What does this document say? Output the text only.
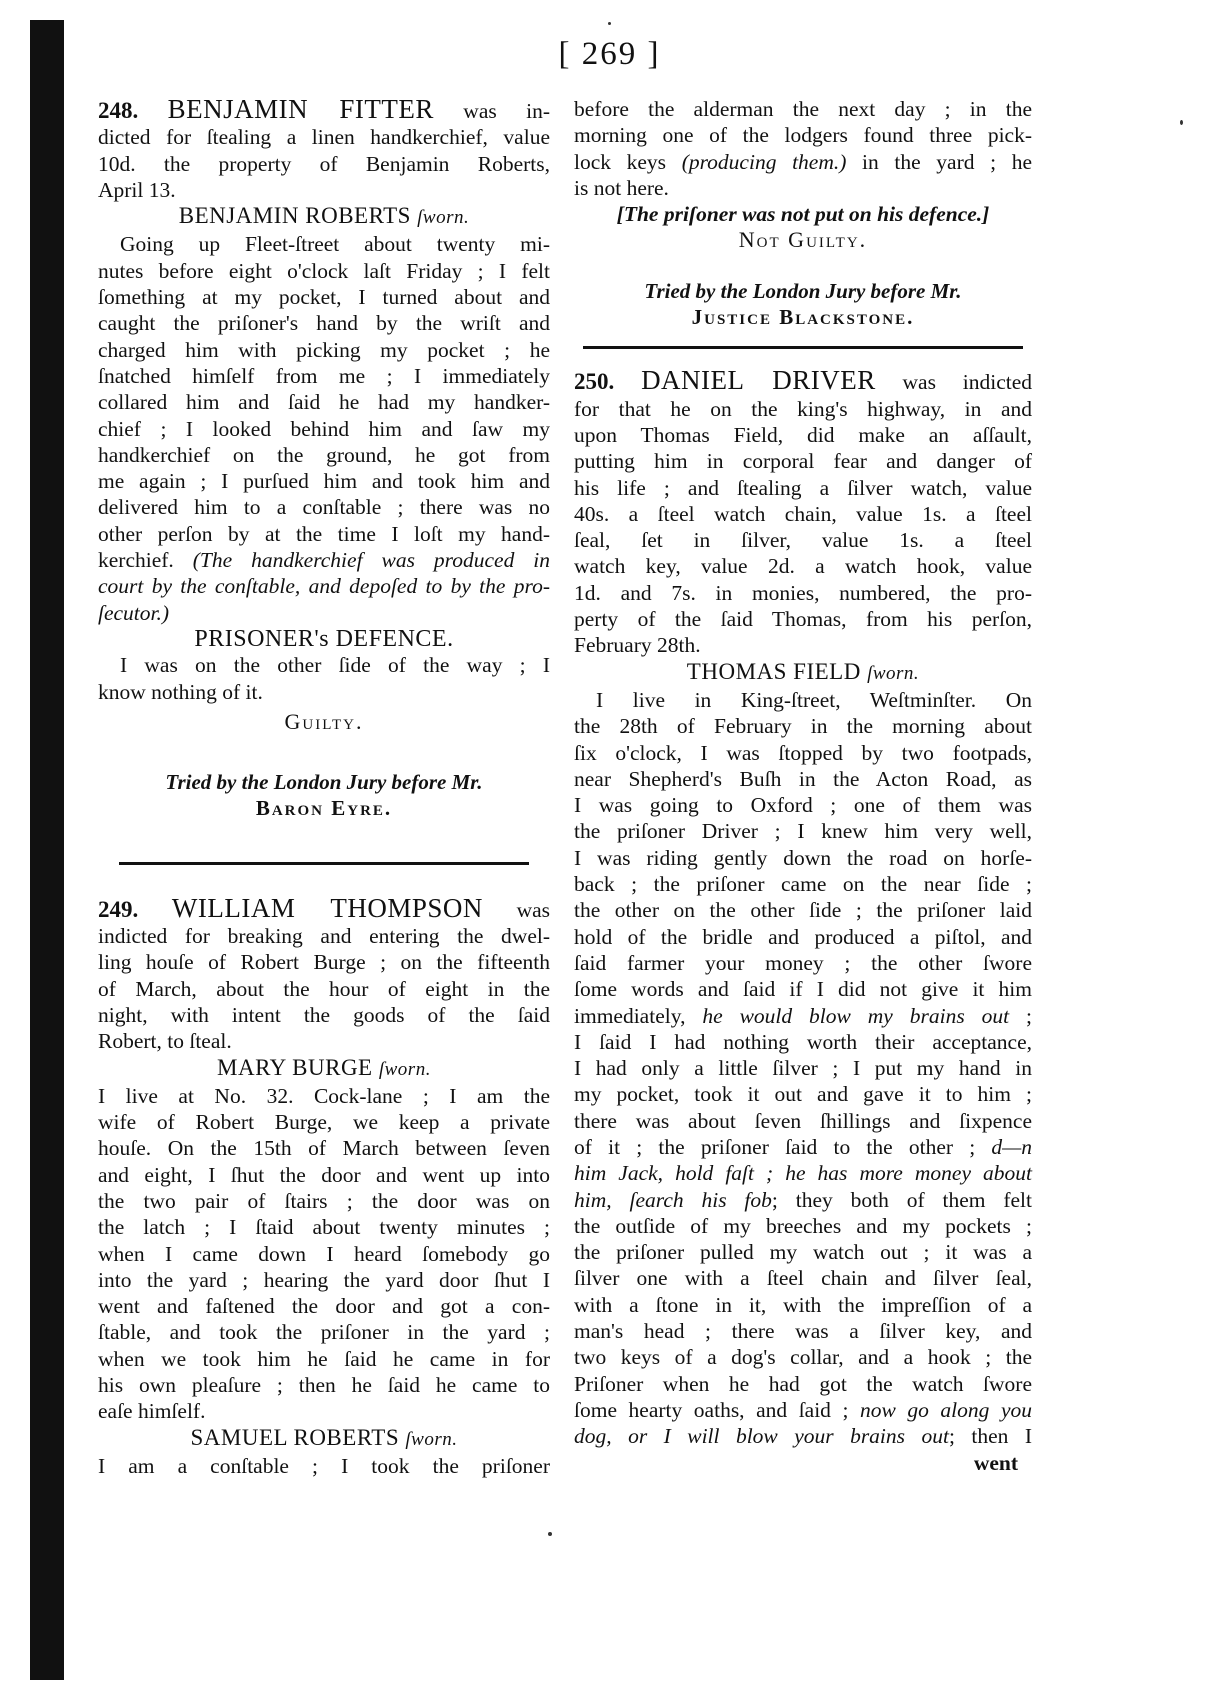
[ 269 ]

248. BENJAMIN FITTER was in-

dicted for ſtealing a linen handkerchief, value

10d. the property of Benjamin Roberts,

April 13.

BENJAMIN ROBERTS ſworn.

Going up Fleet-ſtreet about twenty mi-

nutes before eight o'clock laſt Friday ; I felt

ſomething at my pocket, I turned about and

caught the priſoner's hand by the wriſt and

charged him with picking my pocket ; he

ſnatched himſelf from me ; I immediately

collared him and ſaid he had my handker-

chief ; I looked behind him and ſaw my

handkerchief on the ground, he got from

me again ; I purſued him and took him and

delivered him to a conſtable ; there was no

other perſon by at the time I loſt my hand-

kerchief. (The handkerchief was produced in

court by the conſtable, and depoſed to by the pro-

ſecutor.)

PRISONER's DEFENCE.

I was on the other ſide of the way ; I

know nothing of it.

Guilty.

Tried by the London Jury before Mr.

Baron Eyre.

249. WILLIAM THOMPSON was

indicted for breaking and entering the dwel-

ling houſe of Robert Burge ; on the fifteenth

of March, about the hour of eight in the

night, with intent the goods of the ſaid

Robert, to ſteal.

MARY BURGE ſworn.

I live at No. 32. Cock-lane ; I am the

wife of Robert Burge, we keep a private

houſe. On the 15th of March between ſeven

and eight, I ſhut the door and went up into

the two pair of ſtairs ; the door was on

the latch ; I ſtaid about twenty minutes ;

when I came down I heard ſomebody go

into the yard ; hearing the yard door ſhut I

went and faſtened the door and got a con-

ſtable, and took the priſoner in the yard ;

when we took him he ſaid he came in for

his own pleaſure ; then he ſaid he came to

eaſe himſelf.

SAMUEL ROBERTS ſworn.

I am a conſtable ; I took the priſoner

before the alderman the next day ; in the

morning one of the lodgers found three pick-

lock keys (producing them.) in the yard ; he

is not here.

[The priſoner was not put on his defence.]

Not Guilty.

Tried by the London Jury before Mr.

Justice Blackstone.

250. DANIEL DRIVER was indicted

for that he on the king's highway, in and

upon Thomas Field, did make an aſſault,

putting him in corporal fear and danger of

his life ; and ſtealing a ſilver watch, value

40s. a ſteel watch chain, value 1s. a ſteel

ſeal, ſet in ſilver, value 1s. a ſteel

watch key, value 2d. a watch hook, value

1d. and 7s. in monies, numbered, the pro-

perty of the ſaid Thomas, from his perſon,

February 28th.

THOMAS FIELD ſworn.

I live in King-ſtreet, Weſtminſter. On

the 28th of February in the morning about

ſix o'clock, I was ſtopped by two footpads,

near Shepherd's Buſh in the Acton Road, as

I was going to Oxford ; one of them was

the priſoner Driver ; I knew him very well,

I was riding gently down the road on horſe-

back ; the priſoner came on the near ſide ;

the other on the other ſide ; the priſoner laid

hold of the bridle and produced a piſtol, and

ſaid farmer your money ; the other ſwore

ſome words and ſaid if I did not give it him

immediately, he would blow my brains out ;

I ſaid I had nothing worth their acceptance,

I had only a little ſilver ; I put my hand in

my pocket, took it out and gave it to him ;

there was about ſeven ſhillings and ſixpence

of it ; the priſoner ſaid to the other ; d—n

him Jack, hold faſt ; he has more money about

him, ſearch his fob; they both of them felt

the outſide of my breeches and my pockets ;

the priſoner pulled my watch out ; it was a

ſilver one with a ſteel chain and ſilver ſeal,

with a ſtone in it, with the impreſſion of a

man's head ; there was a ſilver key, and

two keys of a dog's collar, and a hook ; the

Priſoner when he had got the watch ſwore

ſome hearty oaths, and ſaid ; now go along you

dog, or I will blow your brains out; then I

went
